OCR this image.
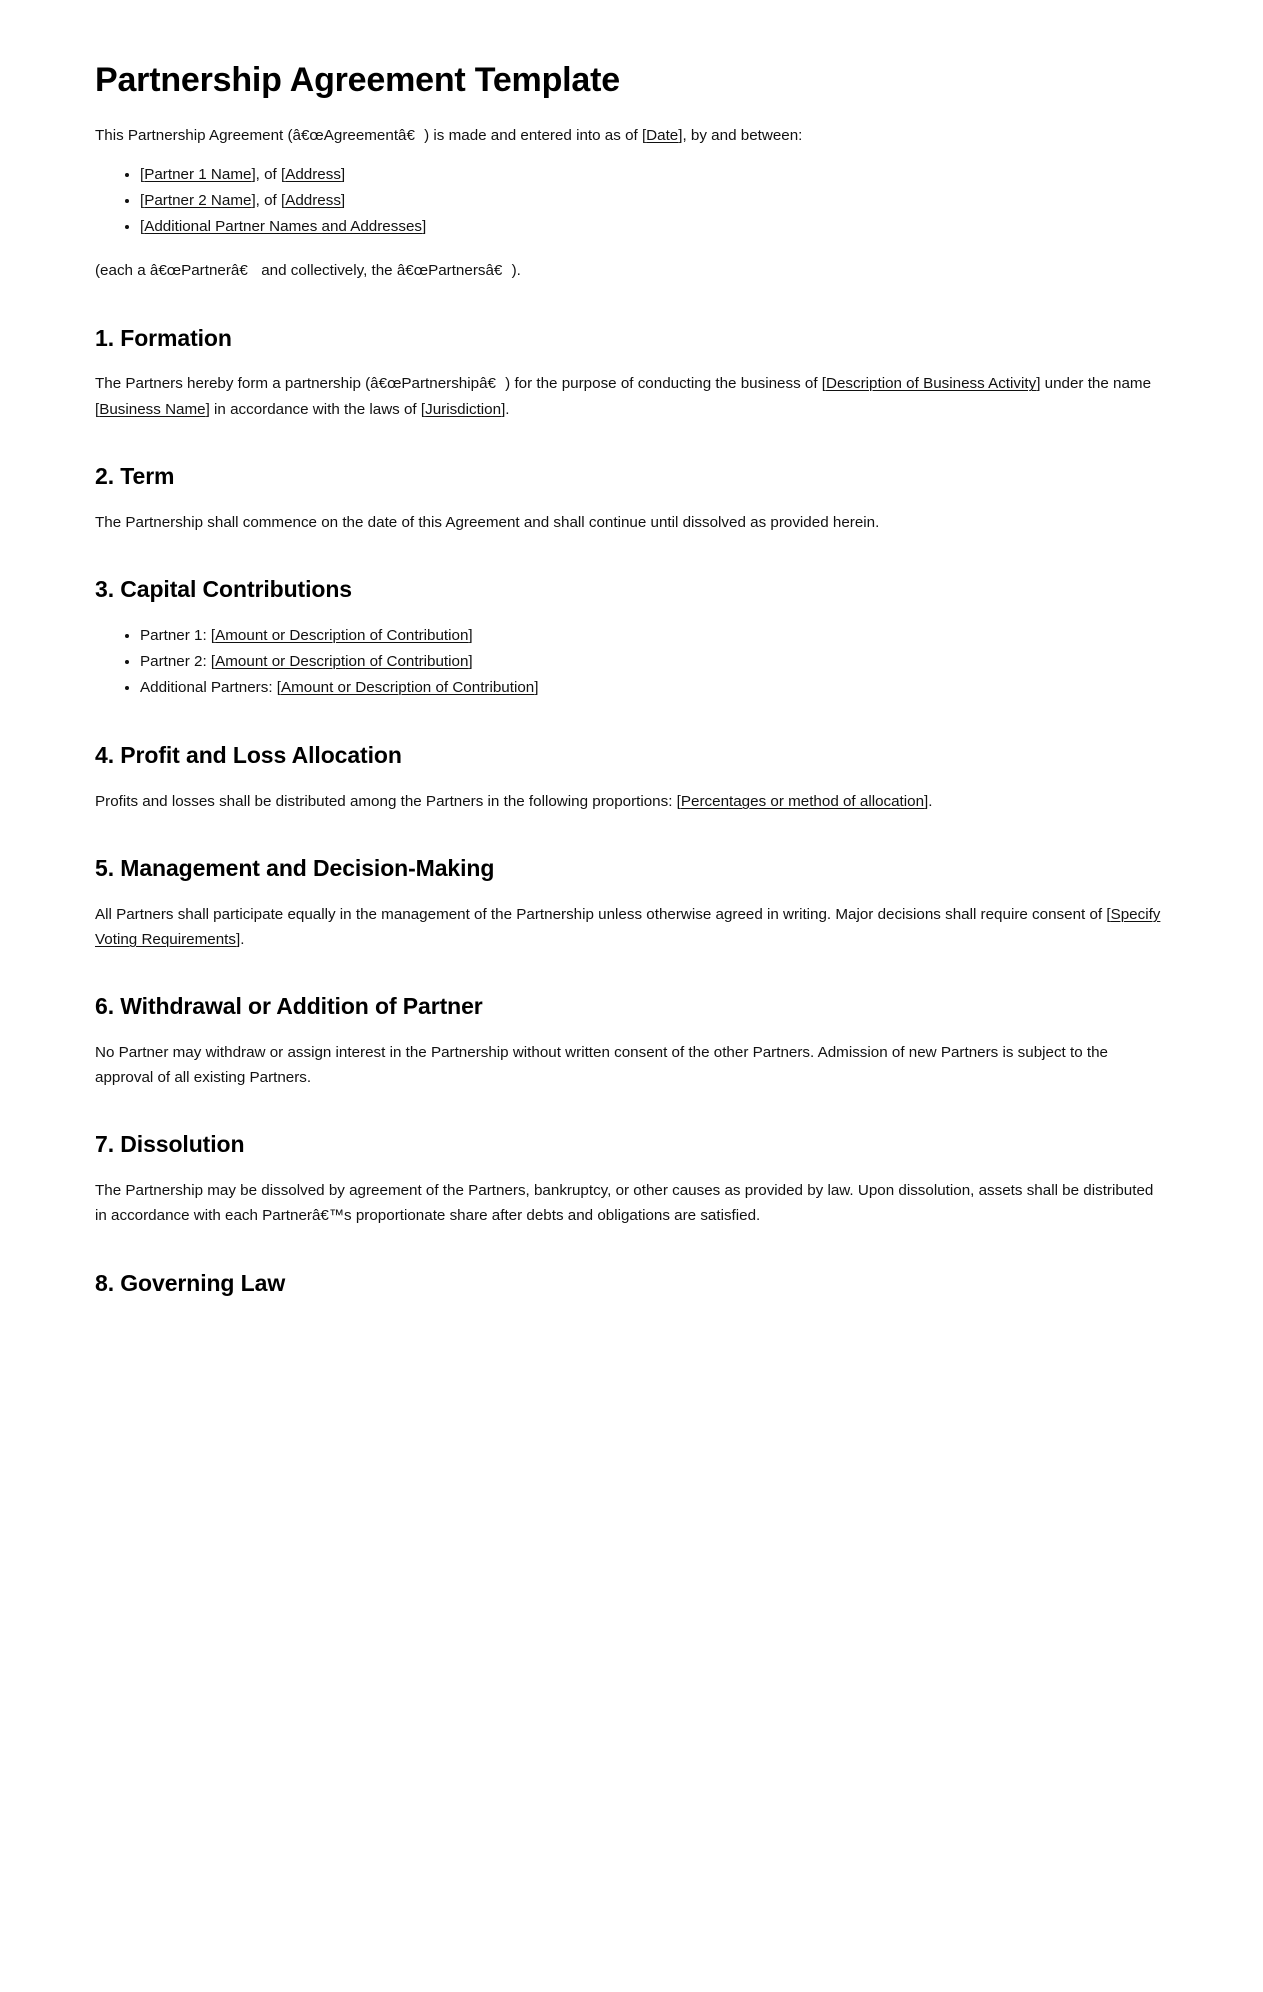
Partnership Agreement Template

This Partnership Agreement (â€œAgreementâ€) is made and entered into as of [Date], by and between:

• [Partner 1 Name], of [Address]
• [Partner 2 Name], of [Address]
• [Additional Partner Names and Addresses]

(each a â€œPartnerâ€ and collectively, the â€œPartnersâ€).

1. Formation

The Partners hereby form a partnership (â€œPartnershipâ€) for the purpose of conducting the business of [Description of Business Activity] under the name [Business Name] in accordance with the laws of [Jurisdiction].

2. Term

The Partnership shall commence on the date of this Agreement and shall continue until dissolved as provided herein.

3. Capital Contributions
• Partner 1: [Amount or Description of Contribution]
• Partner 2: [Amount or Description of Contribution]
• Additional Partners: [Amount or Description of Contribution]
4. Profit and Loss Allocation

Profits and losses shall be distributed among the Partners in the following proportions: [Percentages or method of allocation].

5. Management and Decision-Making

All Partners shall participate equally in the management of the Partnership unless otherwise agreed in writing. Major decisions shall require consent of [Specify Voting Requirements].

6. Withdrawal or Addition of Partner

No Partner may withdraw or assign interest in the Partnership without written consent of the other Partners. Admission of new Partners is subject to the approval of all existing Partners.

7. Dissolution

The Partnership may be dissolved by agreement of the Partners, bankruptcy, or other causes as provided by law. Upon dissolution, assets shall be distributed in accordance with each Partnerâ€™s proportionate share after debts and obligations are satisfied.

8. Governing Law
